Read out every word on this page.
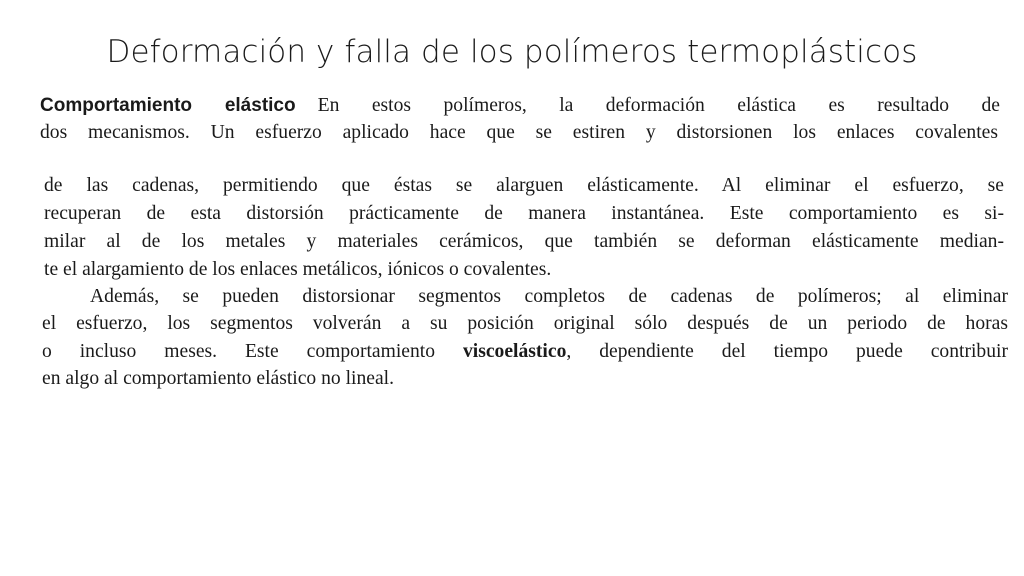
Deformación y falla de los polímeros termoplásticos
Comportamiento elástico En estos polímeros, la deformación elástica es resultado de
dos mecanismos. Un esfuerzo aplicado hace que se estiren y distorsionen los enlaces covalentes
de las cadenas, permitiendo que éstas se alarguen elásticamente. Al eliminar el esfuerzo, se
recuperan de esta distorsión prácticamente de manera instantánea. Este comportamiento es si-
milar al de los metales y materiales cerámicos, que también se deforman elásticamente median-
te el alargamiento de los enlaces metálicos, iónicos o covalentes.
Además, se pueden distorsionar segmentos completos de cadenas de polímeros; al eliminar
el esfuerzo, los segmentos volverán a su posición original sólo después de un periodo de horas
o incluso meses. Este comportamiento viscoelástico, dependiente del tiempo puede contribuir
en algo al comportamiento elástico no lineal.
